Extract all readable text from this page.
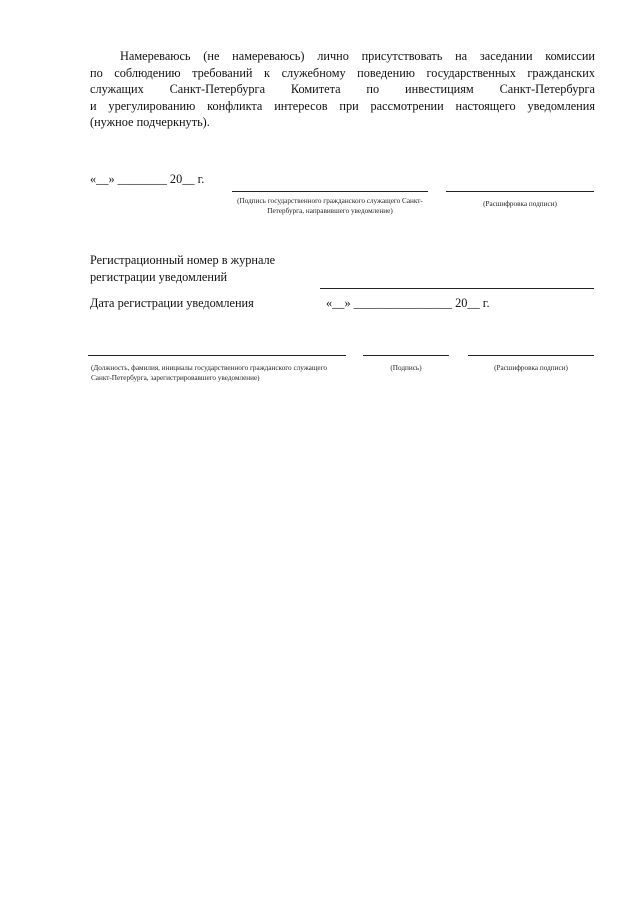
Намереваюсь (не намереваюсь) лично присутствовать на заседании комиссии
по соблюдению требований к служебному поведению государственных гражданских
служащих Санкт-Петербурга Комитета по инвестициям Санкт-Петербурга
и урегулированию конфликта интересов при рассмотрении настоящего уведомления
(нужное подчеркнуть).
«__» ________ 20__ г.
(Подпись государственного гражданского служащего Санкт-Петербурга, направившего уведомление)
(Расшифровка подписи)
Регистрационный номер в журнале
регистрации уведомлений
Дата регистрации уведомления	«__» ________________ 20__ г.
(Должность, фамилия, инициалы государственного гражданского служащего Санкт-Петербурга, зарегистрировавшего уведомление)
(Подпись)	(Расшифровка подписи)
